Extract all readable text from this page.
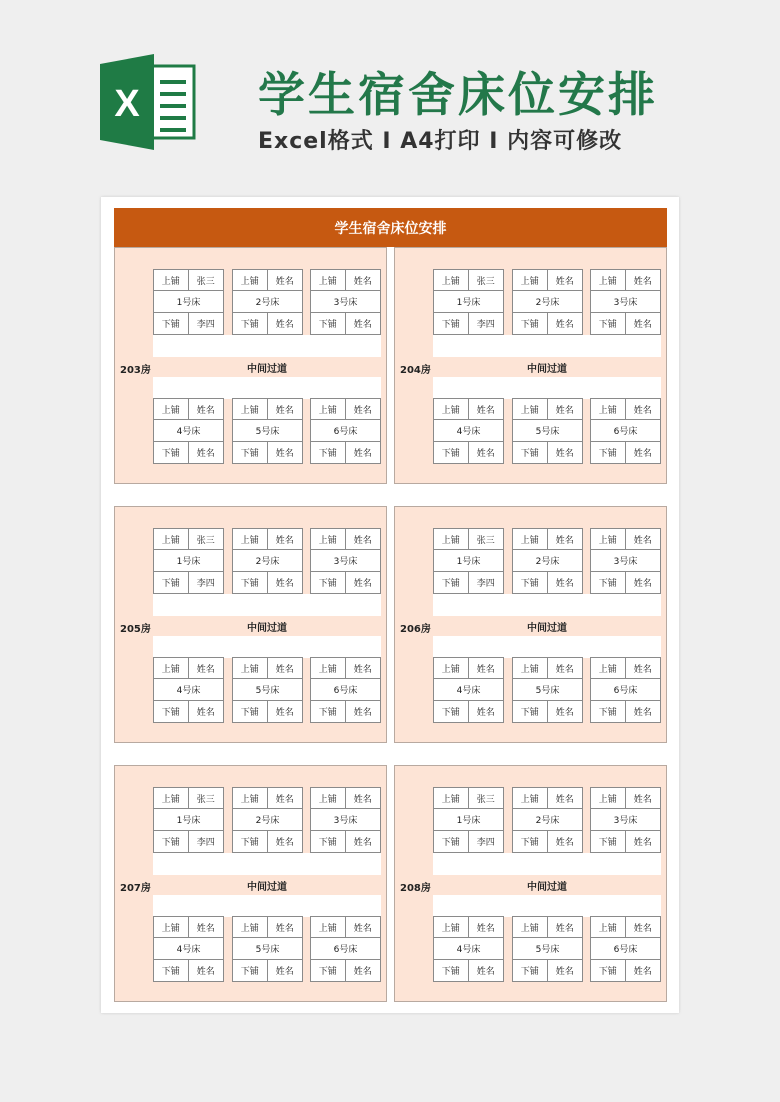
X	学生宿舍床位安排
Excel格式 I A4打印 I 内容可修改
学生宿舍床位安排
203房	中间过道
上铺	张三
1号床
下铺	李四
上铺	姓名
2号床
下铺	姓名
上铺	姓名
3号床
下铺	姓名
上铺	姓名
4号床
下铺	姓名
上铺	姓名
5号床
下铺	姓名
上铺	姓名
6号床
下铺	姓名
204房	中间过道
上铺	张三
1号床
下铺	李四
上铺	姓名
2号床
下铺	姓名
上铺	姓名
3号床
下铺	姓名
上铺	姓名
4号床
下铺	姓名
上铺	姓名
5号床
下铺	姓名
上铺	姓名
6号床
下铺	姓名
205房	中间过道
上铺	张三
1号床
下铺	李四
上铺	姓名
2号床
下铺	姓名
上铺	姓名
3号床
下铺	姓名
上铺	姓名
4号床
下铺	姓名
上铺	姓名
5号床
下铺	姓名
上铺	姓名
6号床
下铺	姓名
206房	中间过道
上铺	张三
1号床
下铺	李四
上铺	姓名
2号床
下铺	姓名
上铺	姓名
3号床
下铺	姓名
上铺	姓名
4号床
下铺	姓名
上铺	姓名
5号床
下铺	姓名
上铺	姓名
6号床
下铺	姓名
207房	中间过道
上铺	张三
1号床
下铺	李四
上铺	姓名
2号床
下铺	姓名
上铺	姓名
3号床
下铺	姓名
上铺	姓名
4号床
下铺	姓名
上铺	姓名
5号床
下铺	姓名
上铺	姓名
6号床
下铺	姓名
208房	中间过道
上铺	张三
1号床
下铺	李四
上铺	姓名
2号床
下铺	姓名
上铺	姓名
3号床
下铺	姓名
上铺	姓名
4号床
下铺	姓名
上铺	姓名
5号床
下铺	姓名
上铺	姓名
6号床
下铺	姓名
